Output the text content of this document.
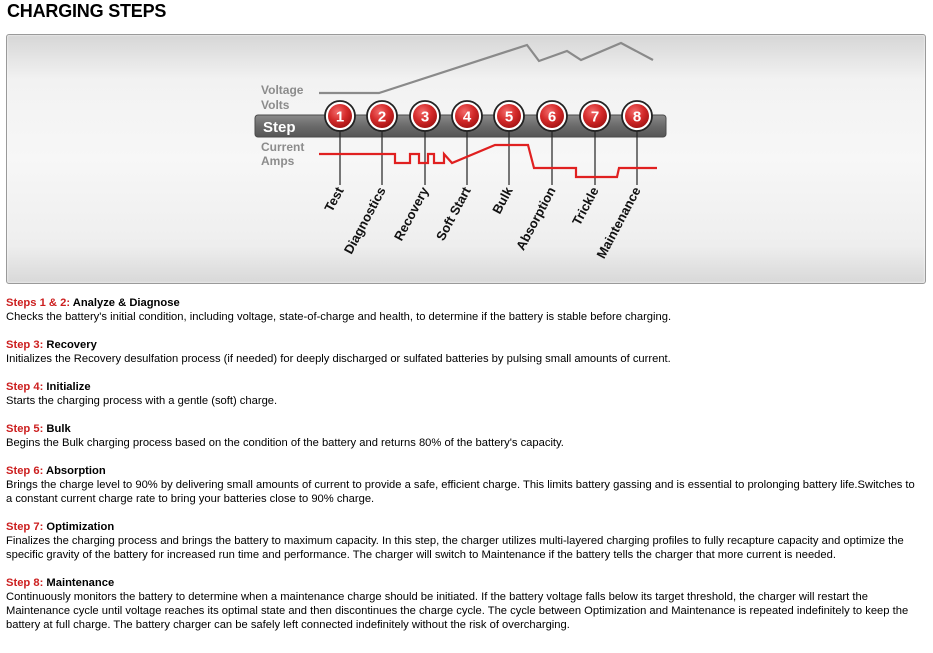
CHARGING STEPS
Voltage
Volts
Current
Amps
Step
1 2 3 4 5 6 7 8
Test
Diagnostics Recovery Soft Start Bulk
Absorption Trickle
Maintenance
Steps 1 & 2: Analyze & Diagnose

Checks the battery's initial condition, including voltage, state-of-charge and health, to determine if the battery is stable before charging.

Step 3: Recovery

Initializes the Recovery desulfation process (if needed) for deeply discharged or sulfated batteries by pulsing small amounts of current.

Step 4: Initialize

Starts the charging process with a gentle (soft) charge.

Step 5: Bulk

Begins the Bulk charging process based on the condition of the battery and returns 80% of the battery's capacity.

Step 6: Absorption

Brings the charge level to 90% by delivering small amounts of current to provide a safe, efficient charge. This limits battery gassing and is essential to prolonging battery life.Switches to a constant current charge rate to bring your batteries close to 90% charge.

Step 7: Optimization

Finalizes the charging process and brings the battery to maximum capacity. In this step, the charger utilizes multi-layered charging profiles to fully recapture capacity and optimize the specific gravity of the battery for increased run time and performance. The charger will switch to Maintenance if the battery tells the charger that more current is needed.

Step 8: Maintenance

Continuously monitors the battery to determine when a maintenance charge should be initiated. If the battery voltage falls below its target threshold, the charger will restart the Maintenance cycle until voltage reaches its optimal state and then discontinues the charge cycle. The cycle between Optimization and Maintenance is repeated indefinitely to keep the battery at full charge. The battery charger can be safely left connected indefinitely without the risk of overcharging.
